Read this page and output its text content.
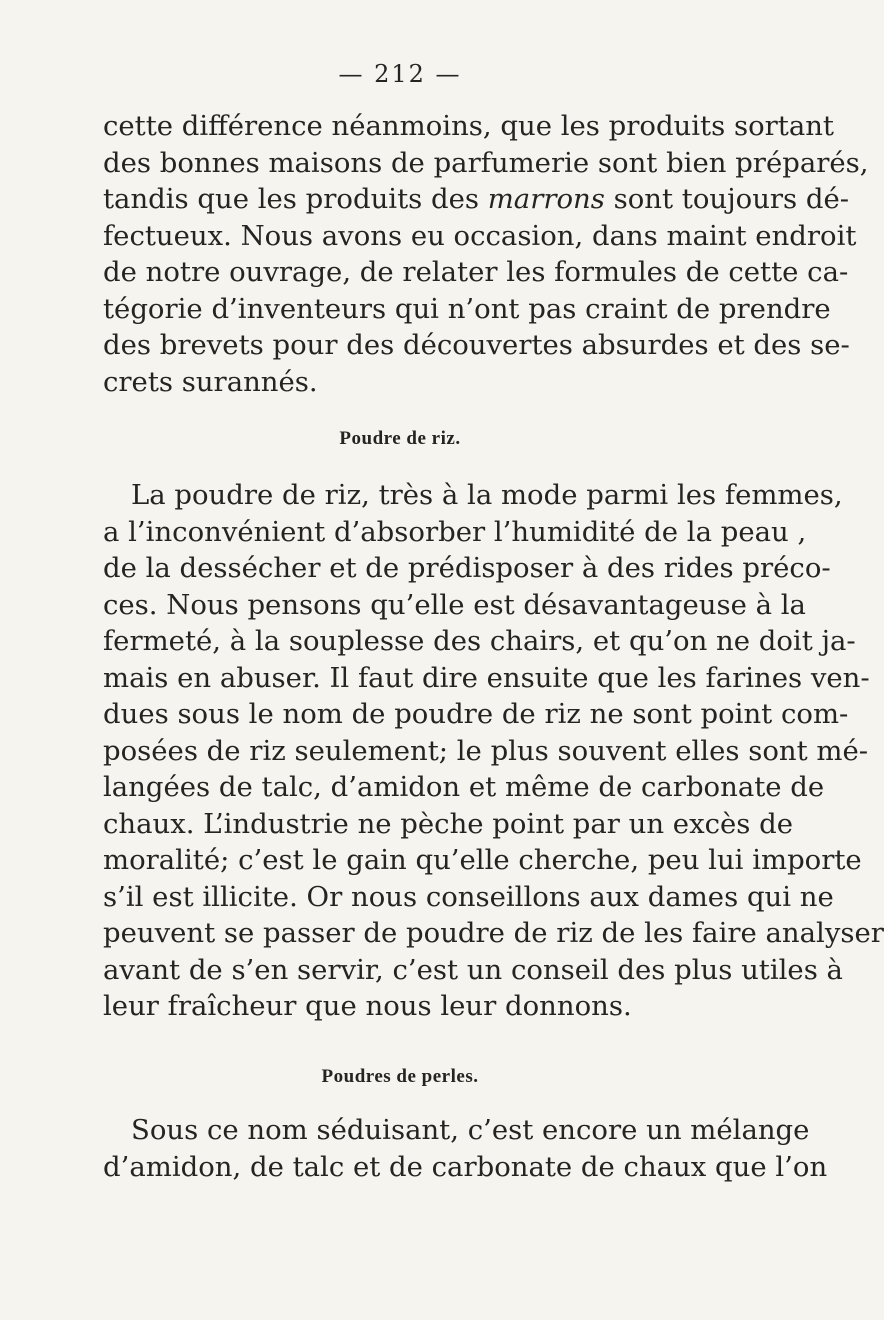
— 212 —
cette différence néanmoins, que les produits sortant
des bonnes maisons de parfumerie sont bien préparés,
tandis que les produits des marrons sont toujours dé-
fectueux. Nous avons eu occasion, dans maint endroit
de notre ouvrage, de relater les formules de cette ca-
tégorie d’inventeurs qui n’ont pas craint de prendre
des brevets pour des découvertes absurdes et des se-
crets surannés.
Poudre de riz.
La poudre de riz, très à la mode parmi les femmes,
a l’inconvénient d’absorber l’humidité de la peau ,
de la dessécher et de prédisposer à des rides préco-
ces. Nous pensons qu’elle est désavantageuse à la
fermeté, à la souplesse des chairs, et qu’on ne doit ja-
mais en abuser. Il faut dire ensuite que les farines ven-
dues sous le nom de poudre de riz ne sont point com-
posées de riz seulement; le plus souvent elles sont mé-
langées de talc, d’amidon et même de carbonate de
chaux. L’industrie ne pèche point par un excès de
moralité; c’est le gain qu’elle cherche, peu lui importe
s’il est illicite. Or nous conseillons aux dames qui ne
peuvent se passer de poudre de riz de les faire analyser
avant de s’en servir, c’est un conseil des plus utiles à
leur fraîcheur que nous leur donnons.
Poudres de perles.
Sous ce nom séduisant, c’est encore un mélange
d’amidon, de talc et de carbonate de chaux que l’on
